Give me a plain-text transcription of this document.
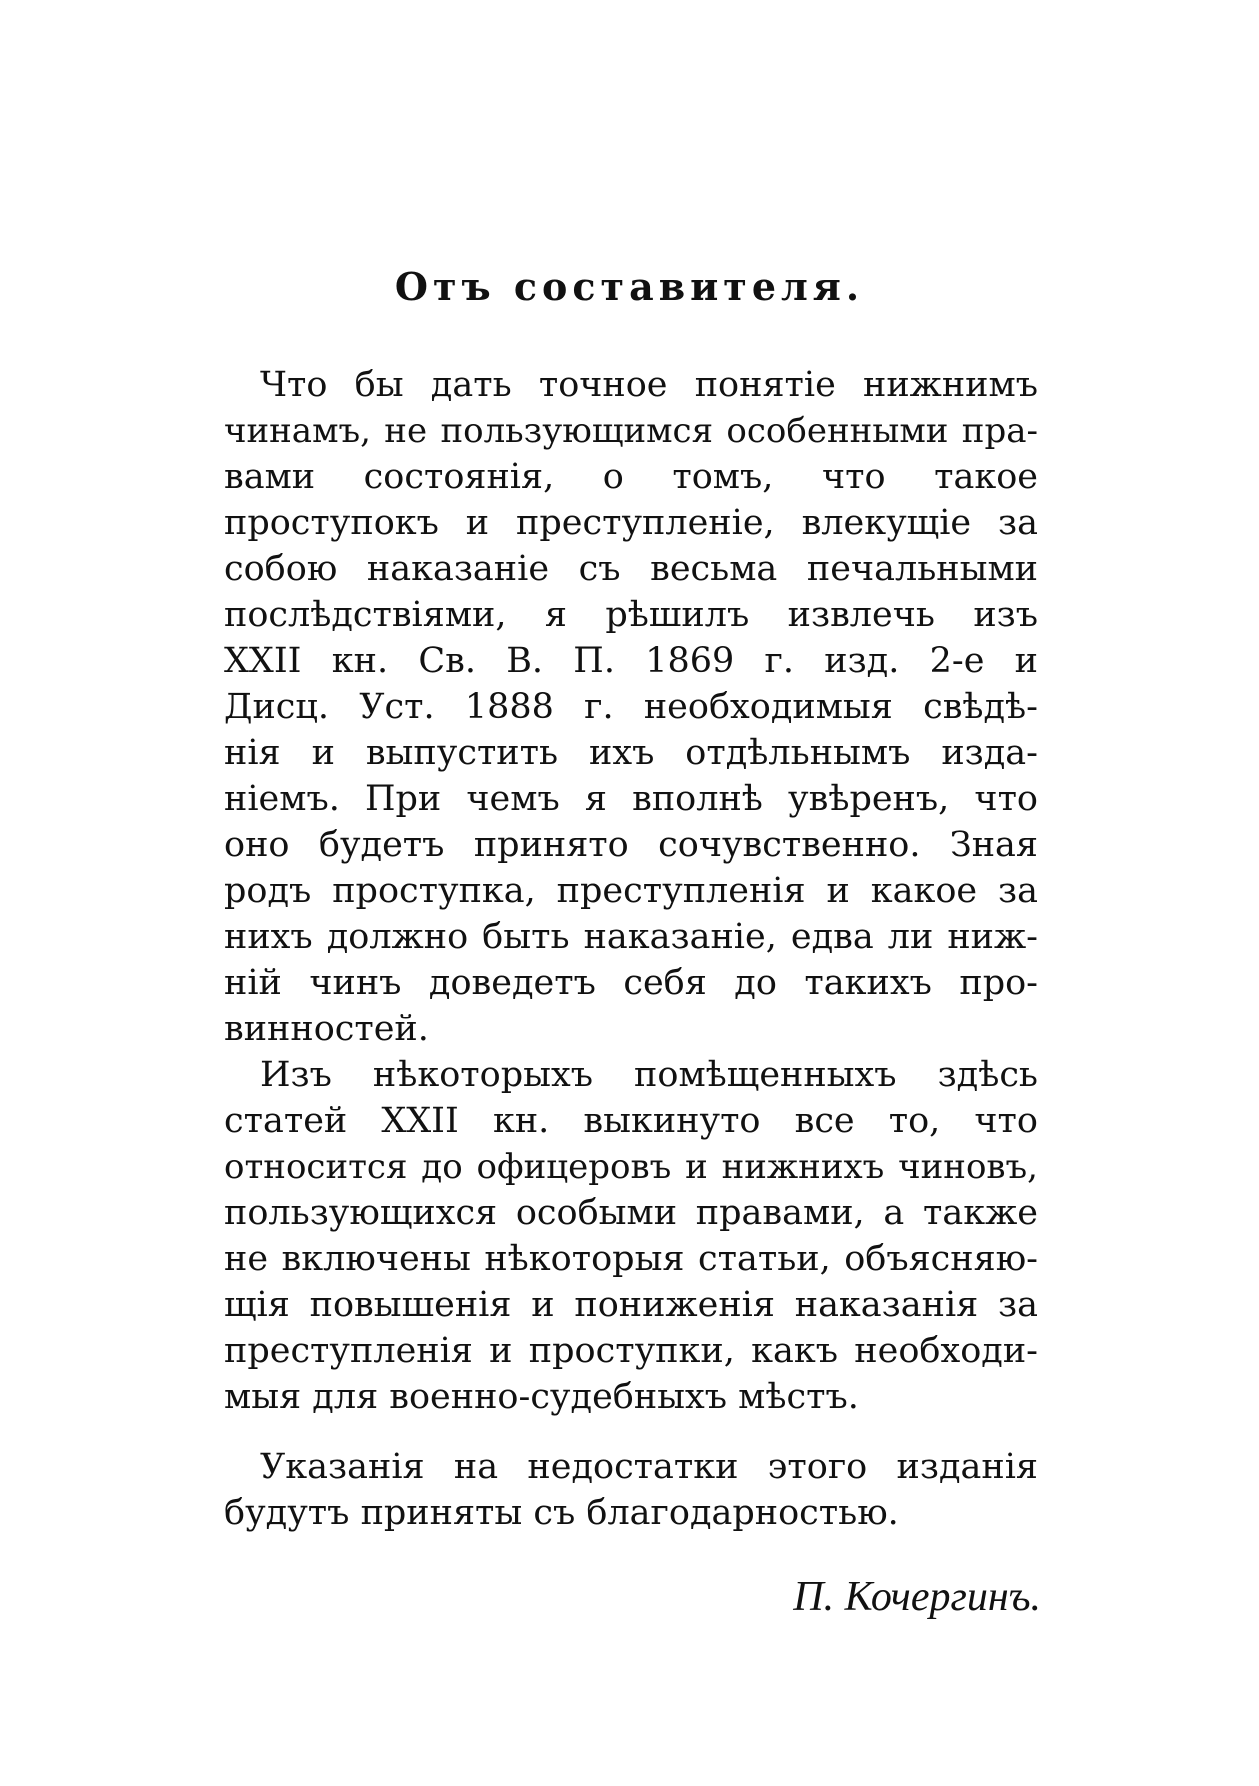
Отъ составителя.
Что бы дать точное понятіе нижнимъ
чинамъ, не пользующимся особенными пра-
вами состоянія, о томъ, что такое
проступокъ и преступленіе, влекущіе за
собою наказаніе съ весьма печальными
послѣдствіями, я рѣшилъ извлечь изъ
XXII кн. Св. В. П. 1869 г. изд. 2-е и
Дисц. Уст. 1888 г. необходимыя свѣдѣ-
нія и выпустить ихъ отдѣльнымъ изда-
ніемъ. При чемъ я вполнѣ увѣренъ, что
оно будетъ принято сочувственно. Зная
родъ проступка, преступленія и какое за
нихъ должно быть наказаніе, едва ли ниж-
ній чинъ доведетъ себя до такихъ про-
винностей.
Изъ нѣкоторыхъ помѣщенныхъ здѣсь
статей XXII кн. выкинуто все то, что
относится до офицеровъ и нижнихъ чиновъ,
пользующихся особыми правами, а также
не включены нѣкоторыя статьи, объясняю-
щія повышенія и пониженія наказанія за
преступленія и проступки, какъ необходи-
мыя для военно-судебныхъ мѣстъ.
Указанія на недостатки этого изданія
будутъ приняты съ благодарностью.
П. Кочергинъ.
